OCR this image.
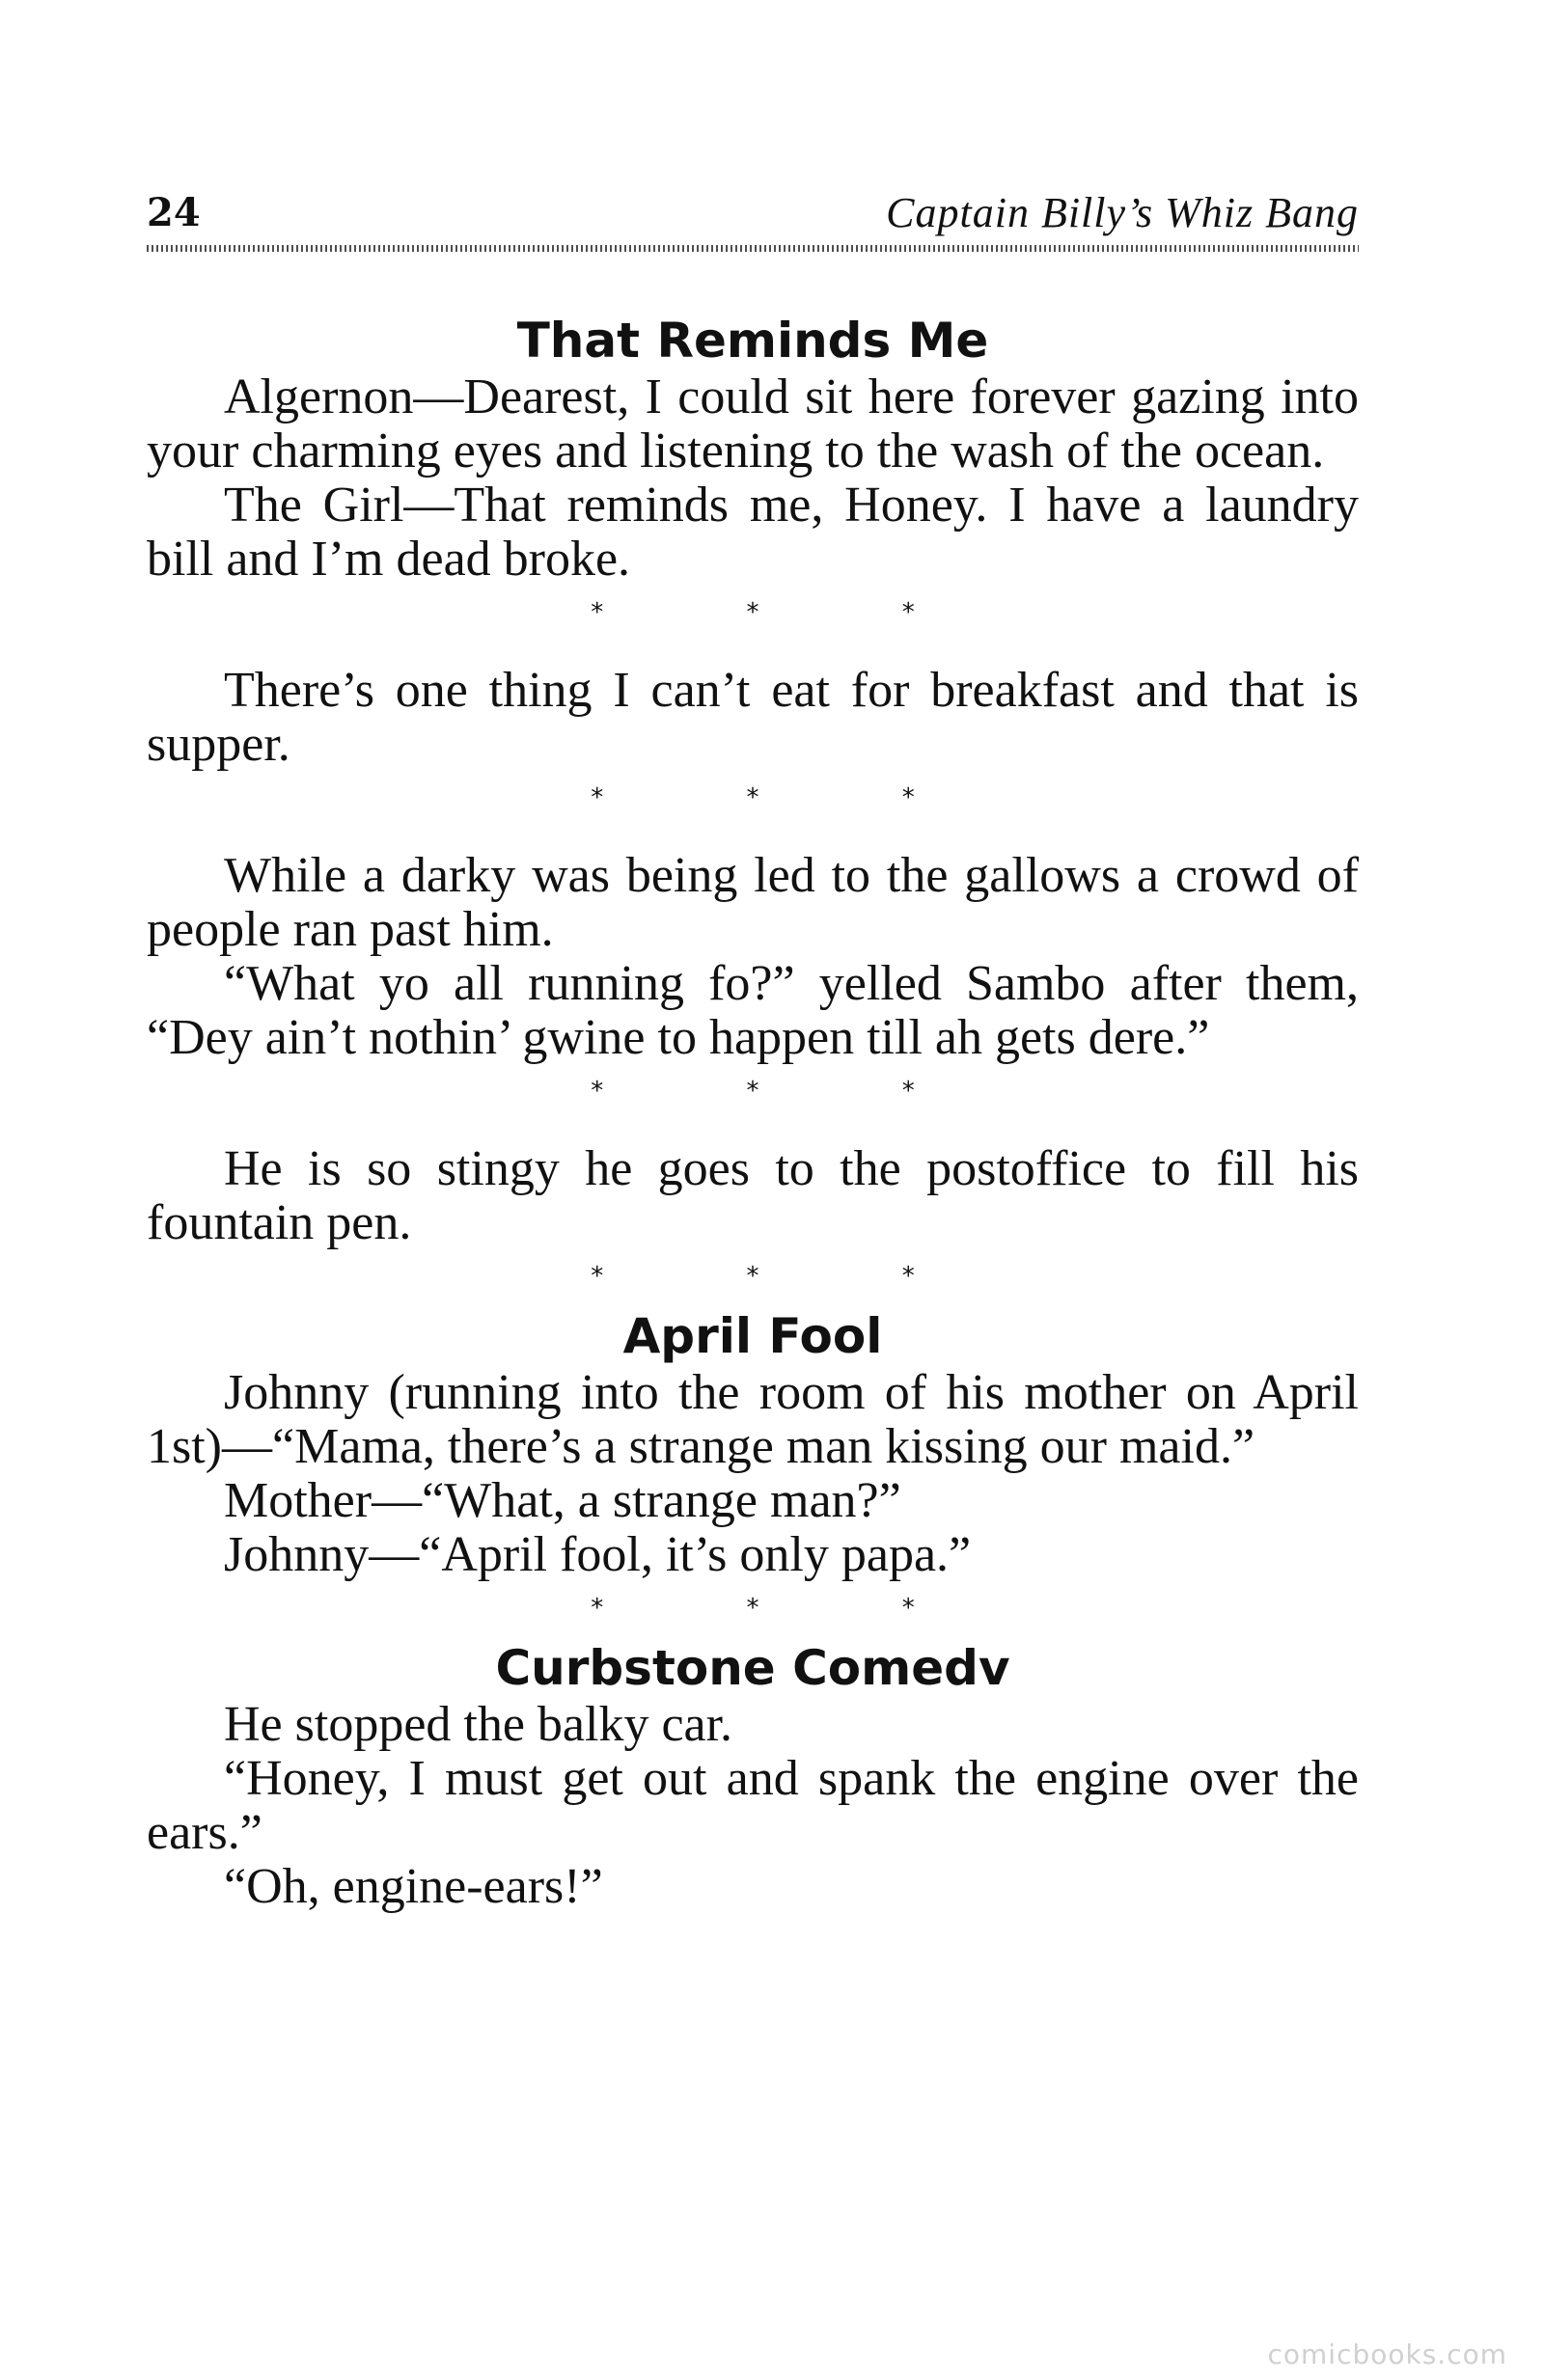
24	Captain Billy’s Whiz Bang
That Reminds Me

Algernon—Dearest, I could sit here forever gazing into your charming eyes and listening to the wash of the ocean.

The Girl—That reminds me, Honey. I have a laundry bill and I’m dead broke.

* * *

There’s one thing I can’t eat for breakfast and that is supper.

* * *

While a darky was being led to the gallows a crowd of people ran past him.

“What yo all running fo?” yelled Sambo after them, “Dey ain’t nothin’ gwine to happen till ah gets dere.”

* * *

He is so stingy he goes to the postoffice to fill his fountain pen.

* * *
April Fool

Johnny (running into the room of his mother on April 1st)—“Mama, there’s a strange man kissing our maid.”

Mother—“What, a strange man?”

Johnny—“April fool, it’s only papa.”

* * *
Curbstone Comedv

He stopped the balky car.

“Honey, I must get out and spank the engine over the ears.”

“Oh, engine-ears!”

comicbooks.com
